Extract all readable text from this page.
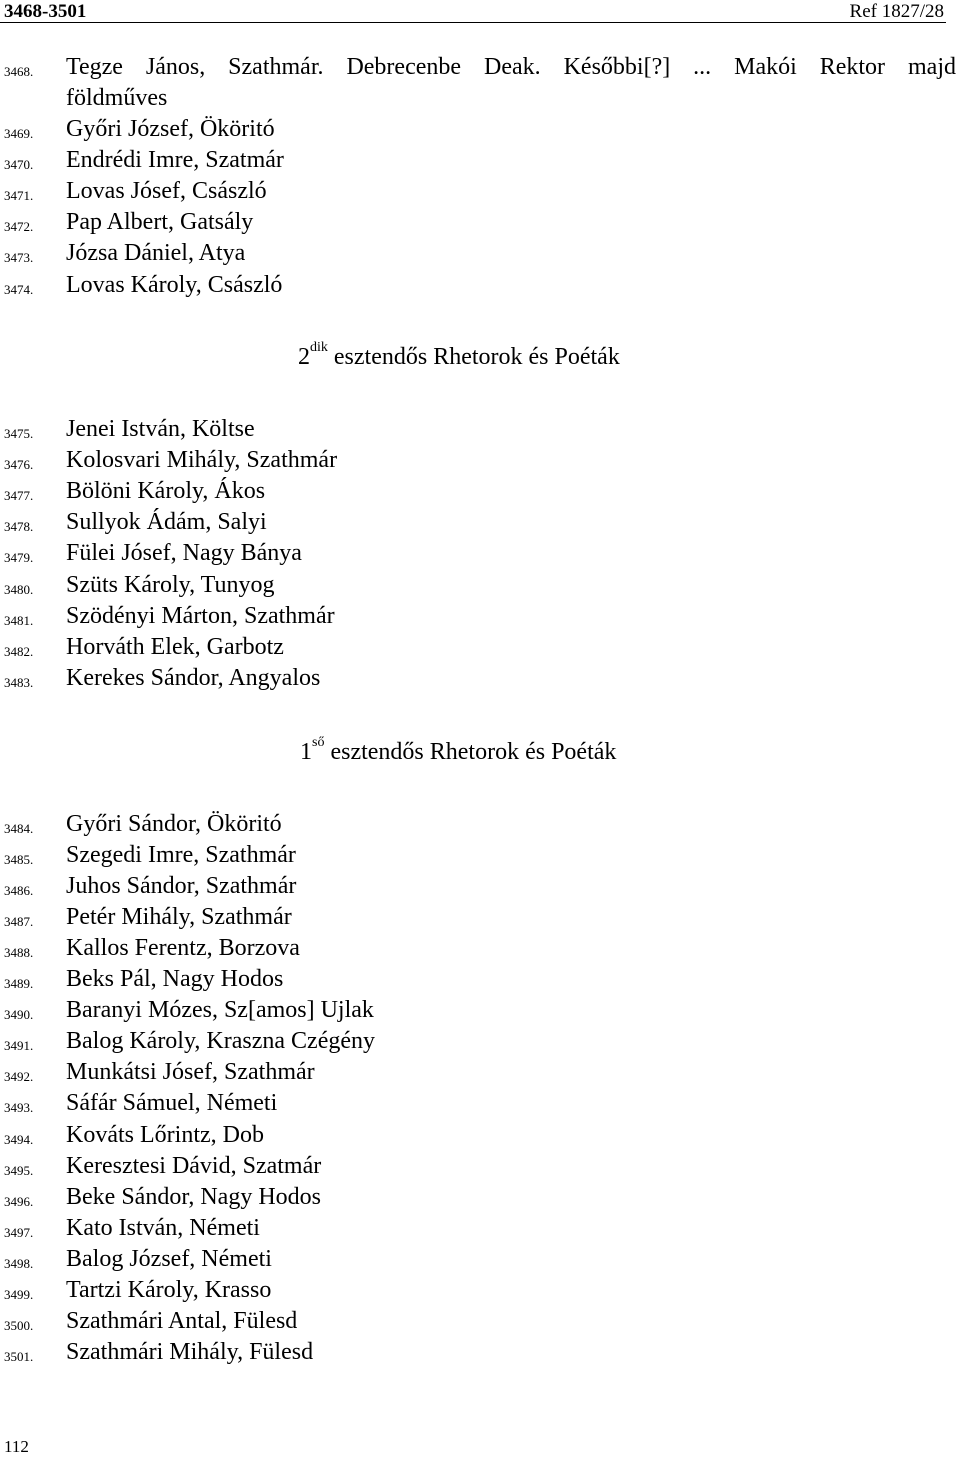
3468-3501	Ref 1827/28
3468. Tegze János, Szathmár. Debrecenbe Deak. Későbbi[?] ... Makói Rektor majd
földműves
3469. Győri József, Ököritó
3470. Endrédi Imre, Szatmár
3471. Lovas Jósef, Császló
3472. Pap Albert, Gatsály
3473. Józsa Dániel, Atya
3474. Lovas Károly, Császló
$2^{dik}$ esztendős Rhetorok és Poéták
3475. Jenei István, Költse
3476. Kolosvari Mihály, Szathmár
3477. Bölöni Károly, Ákos
3478. Sullyok Ádám, Salyi
3479. Fülei Jósef, Nagy Bánya
3480. Szüts Károly, Tunyog
3481. Szödényi Márton, Szathmár
3482. Horváth Elek, Garbotz
3483. Kerekes Sándor, Angyalos
$1^{ső}$ esztendős Rhetorok és Poéták
3484. Győri Sándor, Ököritó
3485. Szegedi Imre, Szathmár
3486. Juhos Sándor, Szathmár
3487. Petér Mihály, Szathmár
3488. Kallos Ferentz, Borzova
3489. Beks Pál, Nagy Hodos
3490. Baranyi Mózes, Sz[amos] Ujlak
3491. Balog Károly, Kraszna Czégény
3492. Munkátsi Jósef, Szathmár
3493. Sáfár Sámuel, Németi
3494. Kováts Lőrintz, Dob
3495. Keresztesi Dávid, Szatmár
3496. Beke Sándor, Nagy Hodos
3497. Kato István, Németi
3498. Balog József, Németi
3499. Tartzi Károly, Krasso
3500. Szathmári Antal, Fülesd
3501. Szathmári Mihály, Fülesd
112
